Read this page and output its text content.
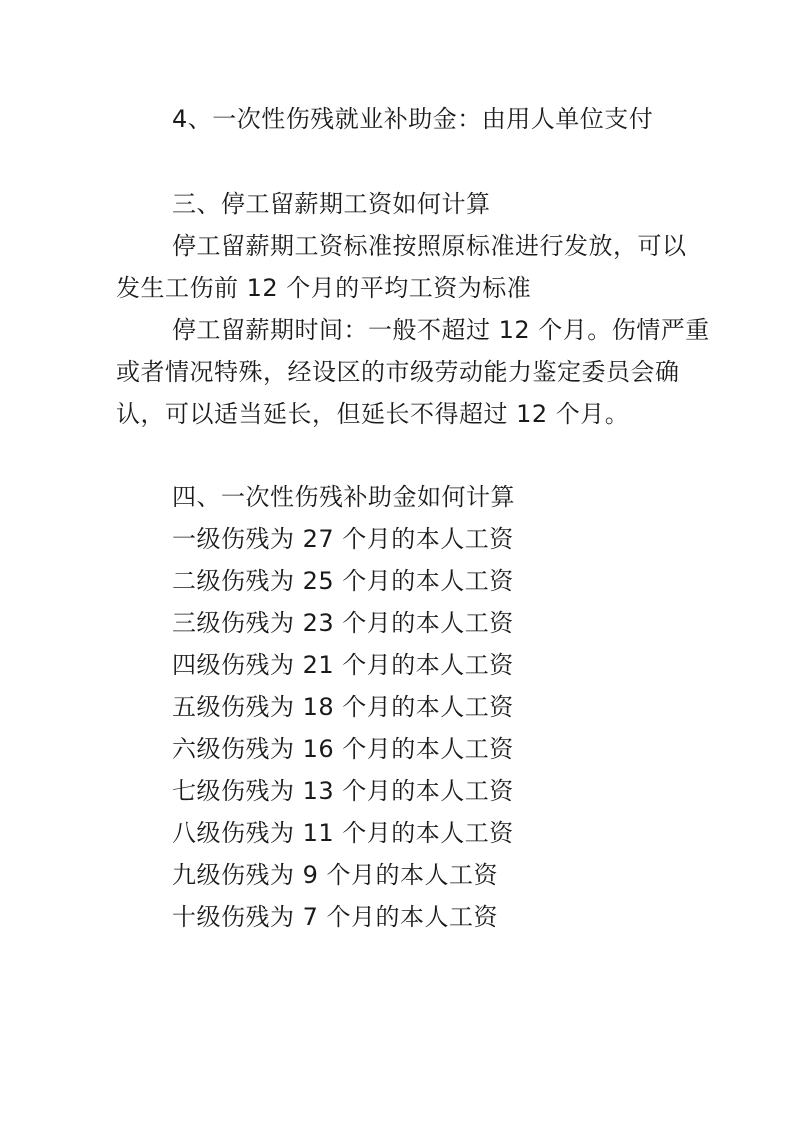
4、一次性伤残就业补助金：由用人单位支付
三、停工留薪期工资如何计算
停工留薪期工资标准按照原标准进行发放，可以
发生工伤前 12 个月的平均工资为标准
停工留薪期时间：一般不超过 12 个月。伤情严重
或者情况特殊，经设区的市级劳动能力鉴定委员会确
认，可以适当延长，但延长不得超过 12 个月。
四、一次性伤残补助金如何计算
一级伤残为 27 个月的本人工资
二级伤残为 25 个月的本人工资
三级伤残为 23 个月的本人工资
四级伤残为 21 个月的本人工资
五级伤残为 18 个月的本人工资
六级伤残为 16 个月的本人工资
七级伤残为 13 个月的本人工资
八级伤残为 11 个月的本人工资
九级伤残为 9 个月的本人工资
十级伤残为 7 个月的本人工资
